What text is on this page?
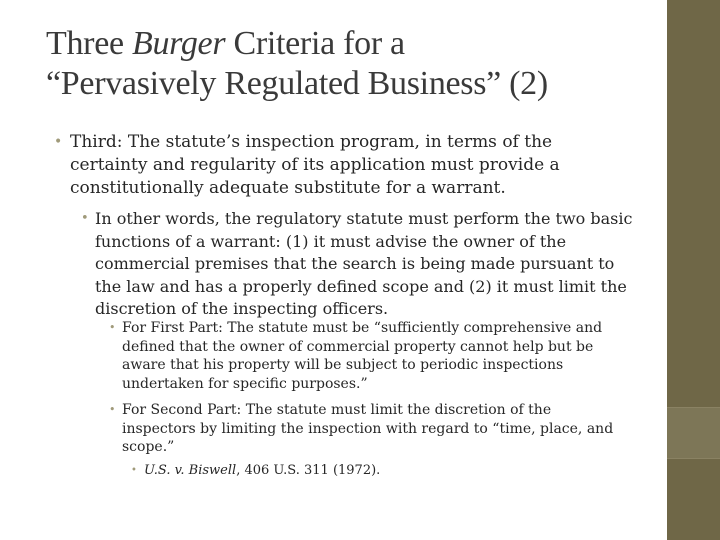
Three Burger Criteria for a
“Pervasively Regulated Business” (2)
• Third: The statute’s inspection program, in terms of the certainty and regularity of its application must provide a constitutionally adequate substitute for a warrant.
• In other words, the regulatory statute must perform the two basic functions of a warrant: (1) it must advise the owner of the commercial premises that the search is being made pursuant to the law and has a properly defined scope and (2) it must limit the discretion of the inspecting officers.
• For First Part: The statute must be “sufficiently comprehensive and defined that the owner of commercial property cannot help but be aware that his property will be subject to periodic inspections undertaken for specific purposes.”
• For Second Part: The statute must limit the discretion of the inspectors by limiting the inspection with regard to “time, place, and scope.”
• U.S. v. Biswell, 406 U.S. 311 (1972).
